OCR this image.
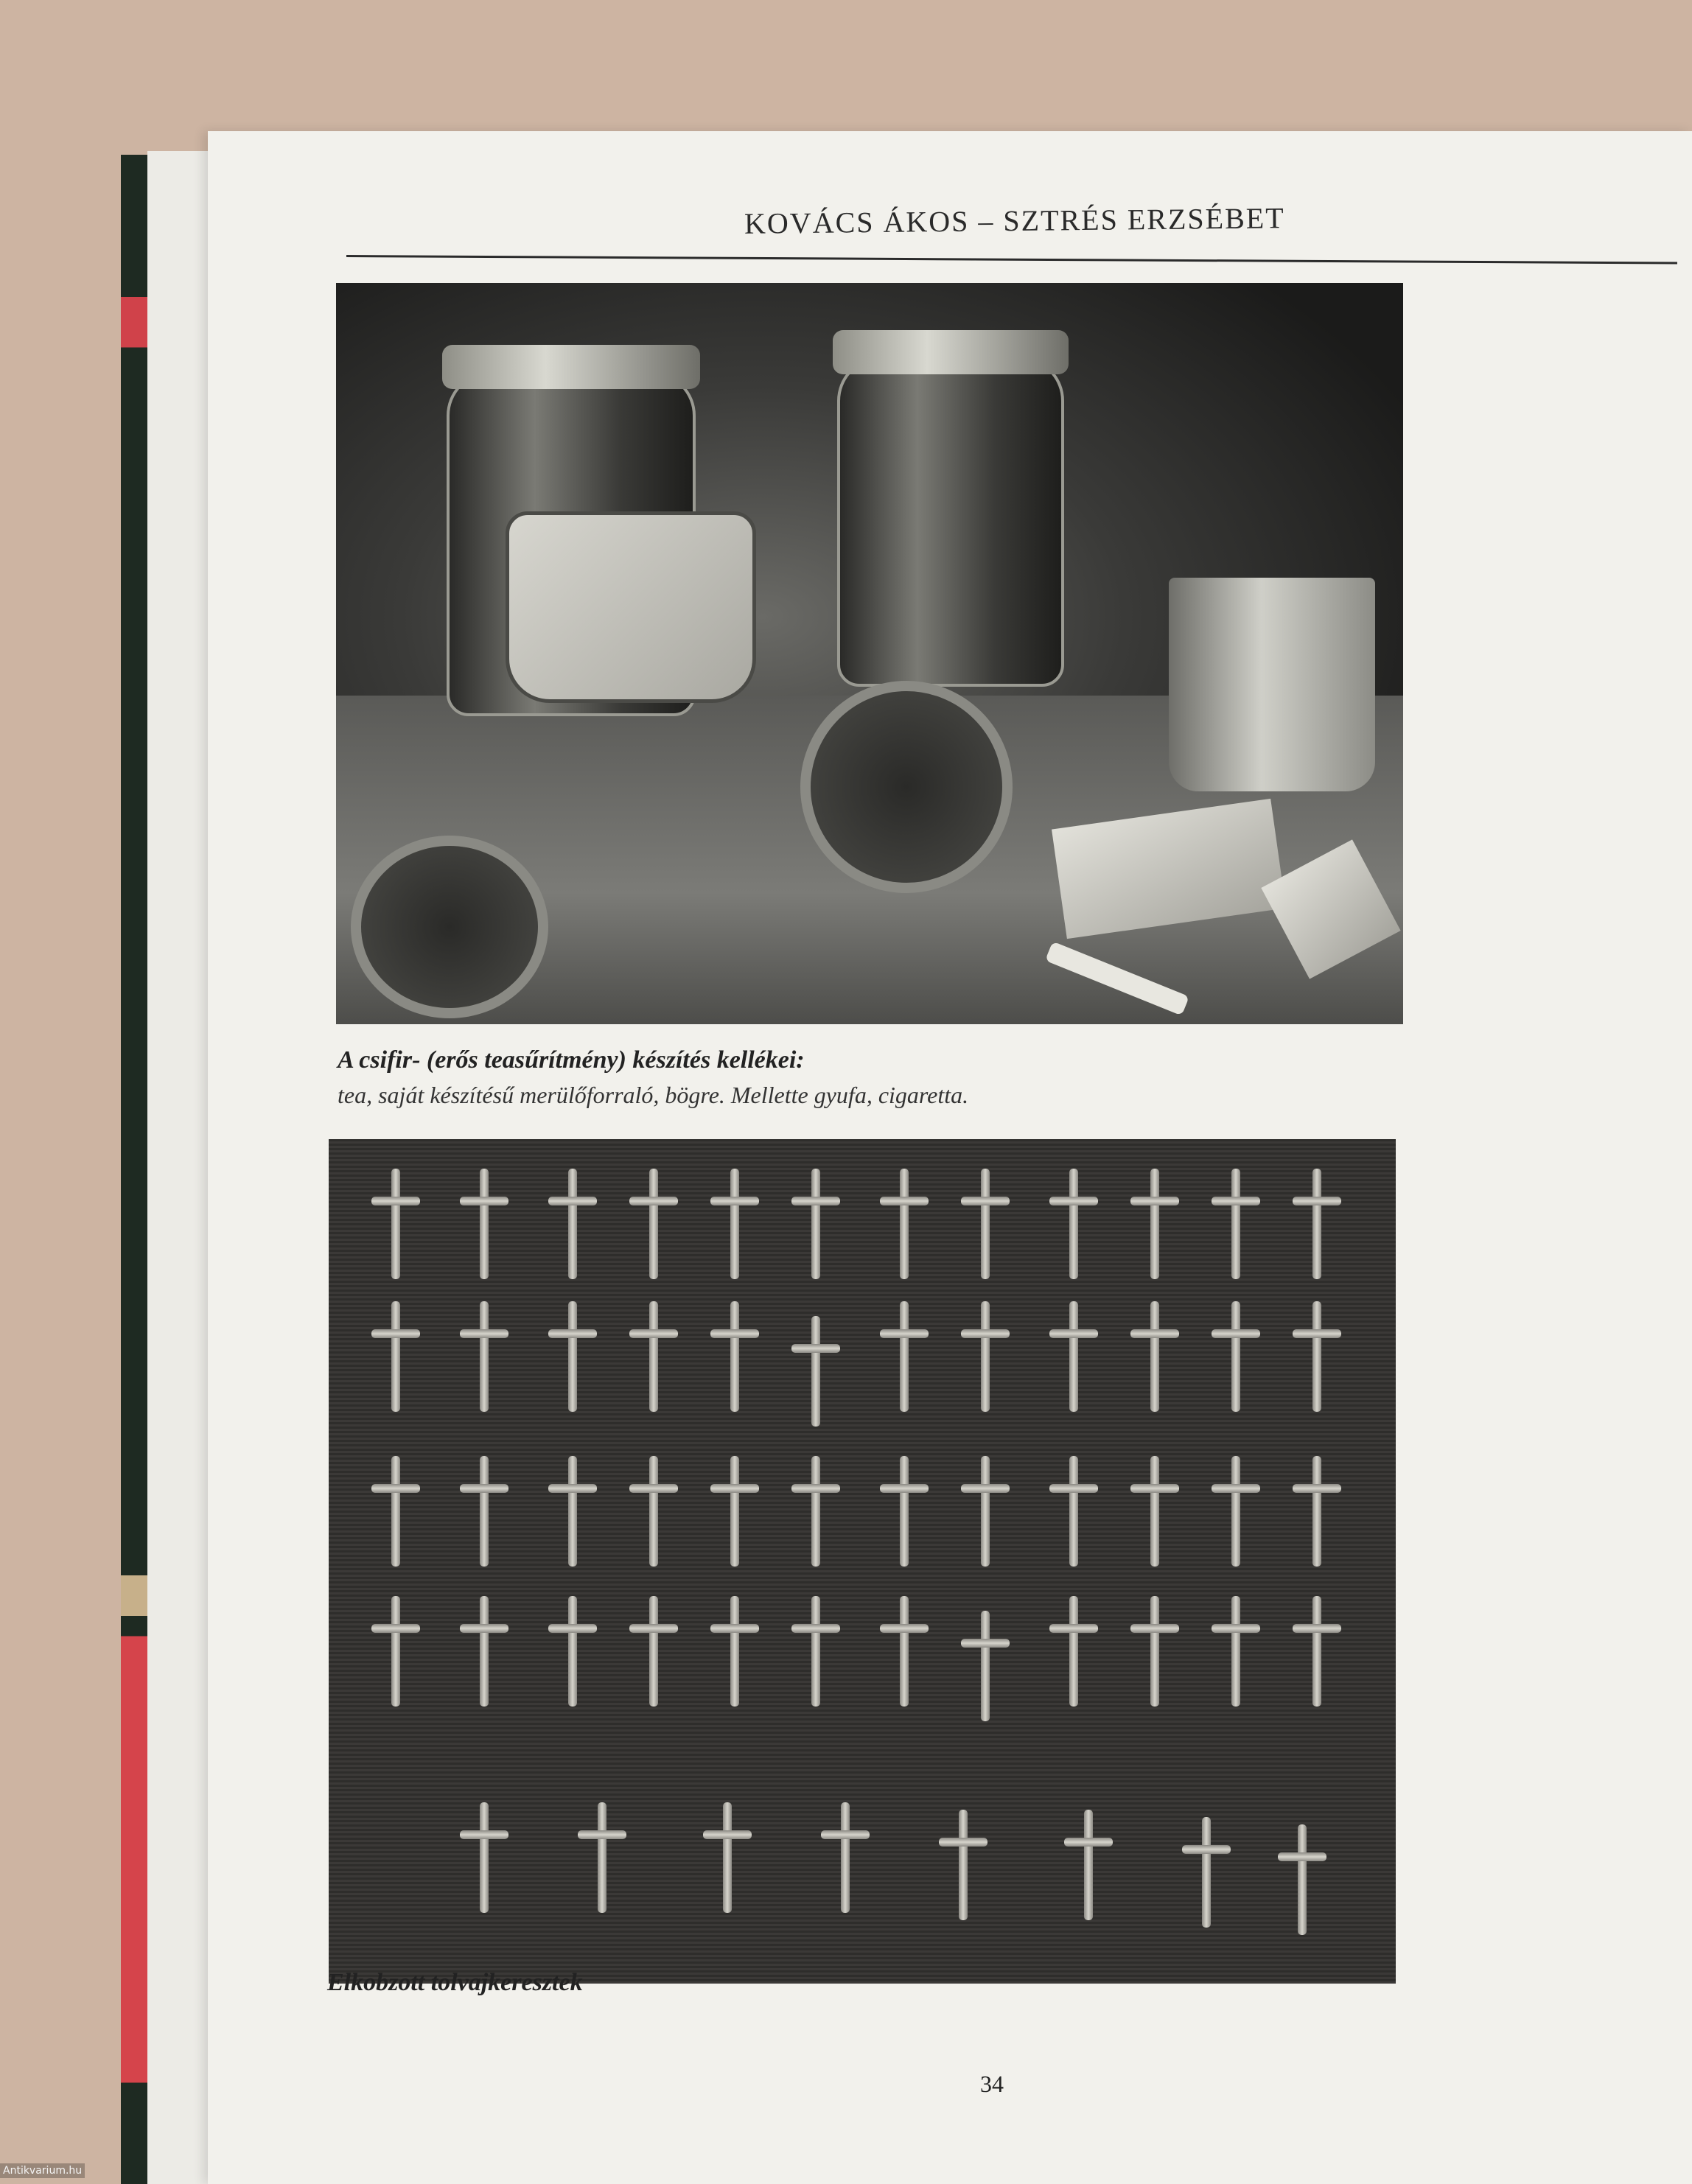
KOVÁCS ÁKOS – SZTRÉS ERZSÉBET
A csifir- (erős teasűrítmény) készítés kellékei:
tea, saját készítésű merülőforraló, bögre. Mellette gyufa, cigaretta.
Elkobzott tolvajkeresztek
34
Antikvarium.hu
